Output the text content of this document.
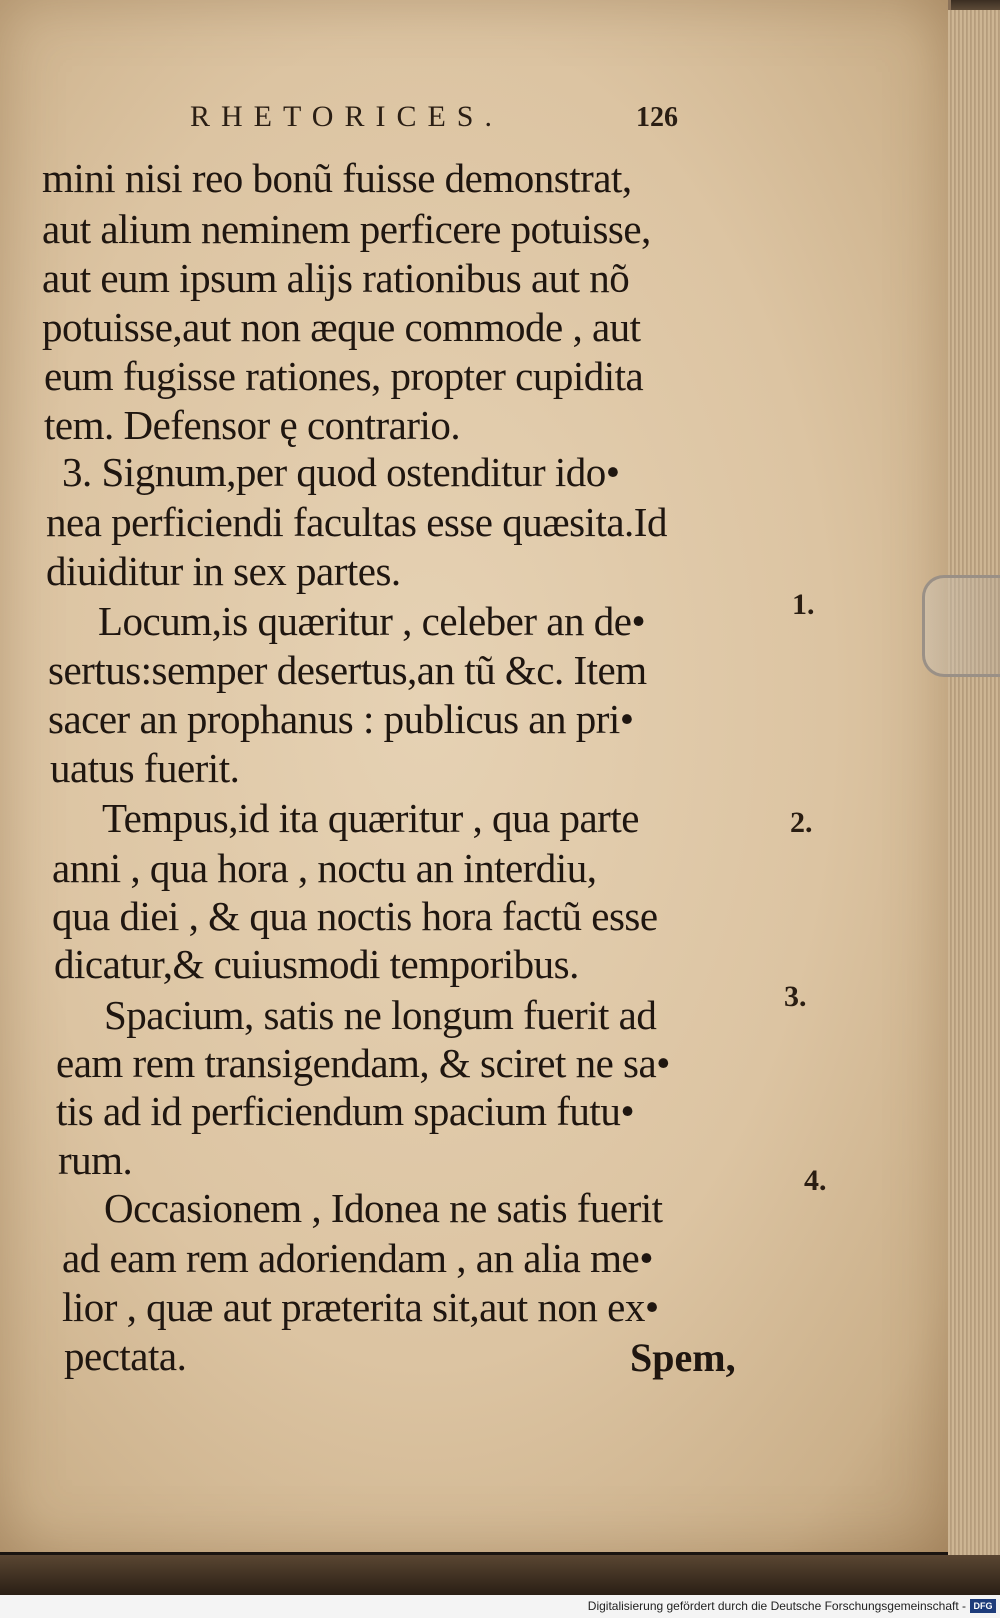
RHETORICES.	126
mini nisi reo bonũ fuisse demonstrat,
aut alium neminem perficere potuisse,
aut eum ipsum alijs rationibus aut nõ
potuisse,aut non æque commode , aut
eum fugisse rationes, propter cupidita
tem. Defensor ę contrario.
3. Signum,per quod ostenditur ido•
nea perficiendi facultas esse quæsita.Id
diuiditur in sex partes.
Locum,is quæritur , celeber an de•
sertus:semper desertus,an tũ &c. Item
sacer an prophanus : publicus an pri•
uatus fuerit.
Tempus,id ita quæritur , qua parte
anni , qua hora , noctu an interdiu,
qua diei , & qua noctis hora factũ esse
dicatur,& cuiusmodi temporibus.
Spacium, satis ne longum fuerit ad
eam rem transigendam, & sciret ne sa•
tis ad id perficiendum spacium futu•
rum.
Occasionem , Idonea ne satis fuerit
ad eam rem adoriendam , an alia me•
lior , quæ aut præterita sit,aut non ex•
pectata.	Spem,
1.
2.
3.
4.
Digitalisierung gefördert durch die Deutsche Forschungsgemeinschaft - DFG
